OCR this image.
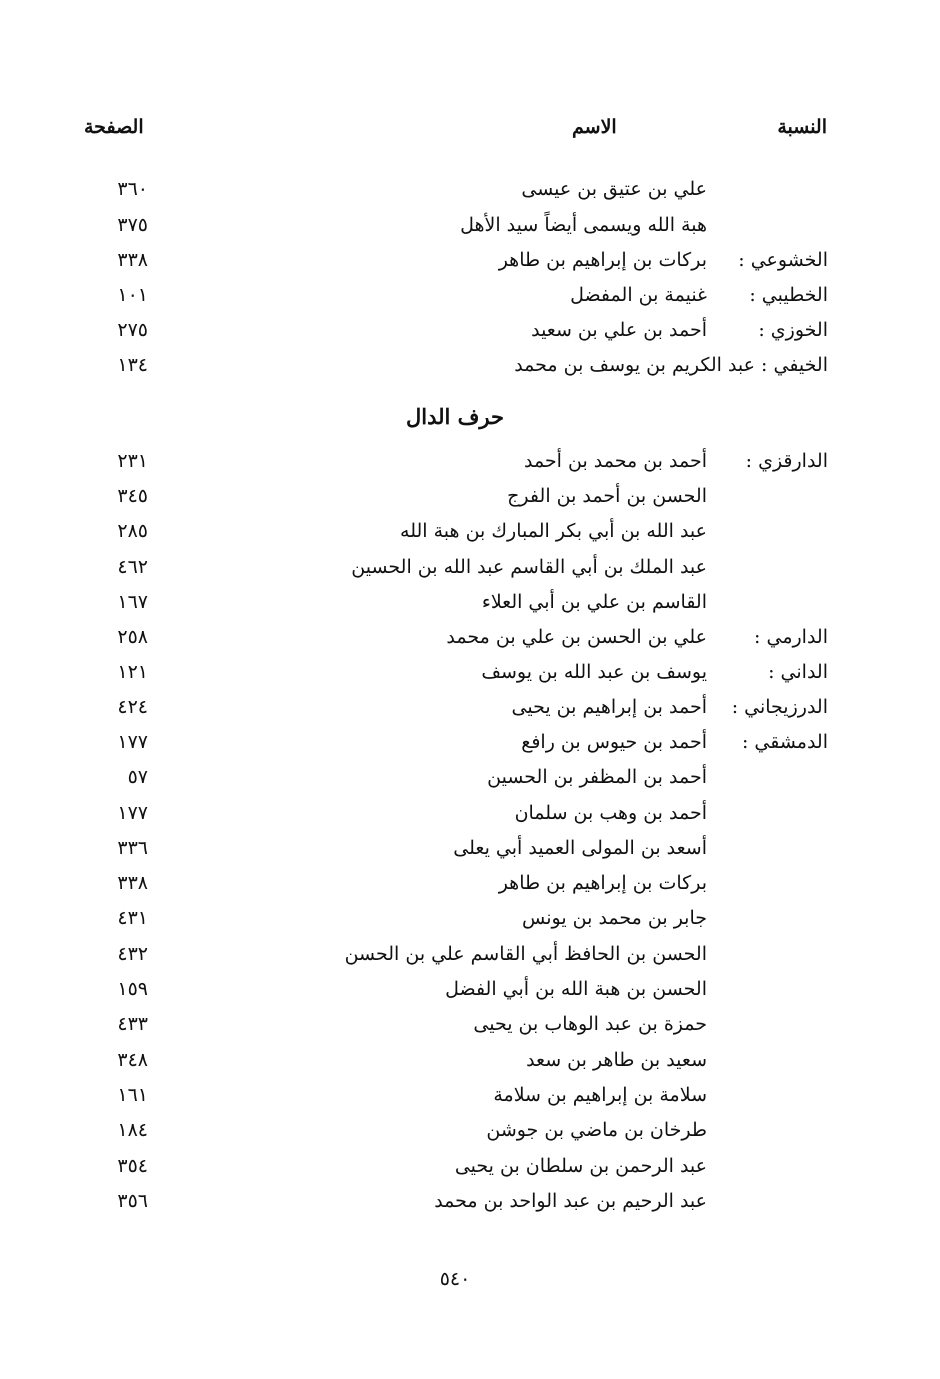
النسبة
الاسم
الصفحة
علي بن عتيق بن عيسى
٣٦٠
هبة الله ويسمى أيضاً سيد الأهل
٣٧٥
الخشوعي :
بركات بن إبراهيم بن طاهر
٣٣٨
الخطيبي :
غنيمة بن المفضل
١٠١
الخوزي :
أحمد بن علي بن سعيد
٢٧٥
الخيفي : عبد الكريم بن يوسف بن محمد
١٣٤
حرف الدال
الدارقزي :
أحمد بن محمد بن أحمد
٢٣١
الحسن بن أحمد بن الفرج
٣٤٥
عبد الله بن أبي بكر المبارك بن هبة الله
٢٨٥
عبد الملك بن أبي القاسم عبد الله بن الحسين
٤٦٢
القاسم بن علي بن أبي العلاء
١٦٧
الدارمي :
علي بن الحسن بن علي بن محمد
٢٥٨
الداني :
يوسف بن عبد الله بن يوسف
١٢١
الدرزيجاني :
أحمد بن إبراهيم بن يحيى
٤٢٤
الدمشقي :
أحمد بن حيوس بن رافع
١٧٧
أحمد بن المظفر بن الحسين
٥٧
أحمد بن وهب بن سلمان
١٧٧
أسعد بن المولى العميد أبي يعلى
٣٣٦
بركات بن إبراهيم بن طاهر
٣٣٨
جابر بن محمد بن يونس
٤٣١
الحسن بن الحافظ أبي القاسم علي بن الحسن
٤٣٢
الحسن بن هبة الله بن أبي الفضل
١٥٩
حمزة بن عبد الوهاب بن يحيى
٤٣٣
سعيد بن طاهر بن سعد
٣٤٨
سلامة بن إبراهيم بن سلامة
١٦١
طرخان بن ماضي بن جوشن
١٨٤
عبد الرحمن بن سلطان بن يحيى
٣٥٤
عبد الرحيم بن عبد الواحد بن محمد
٣٥٦
٥٤٠
